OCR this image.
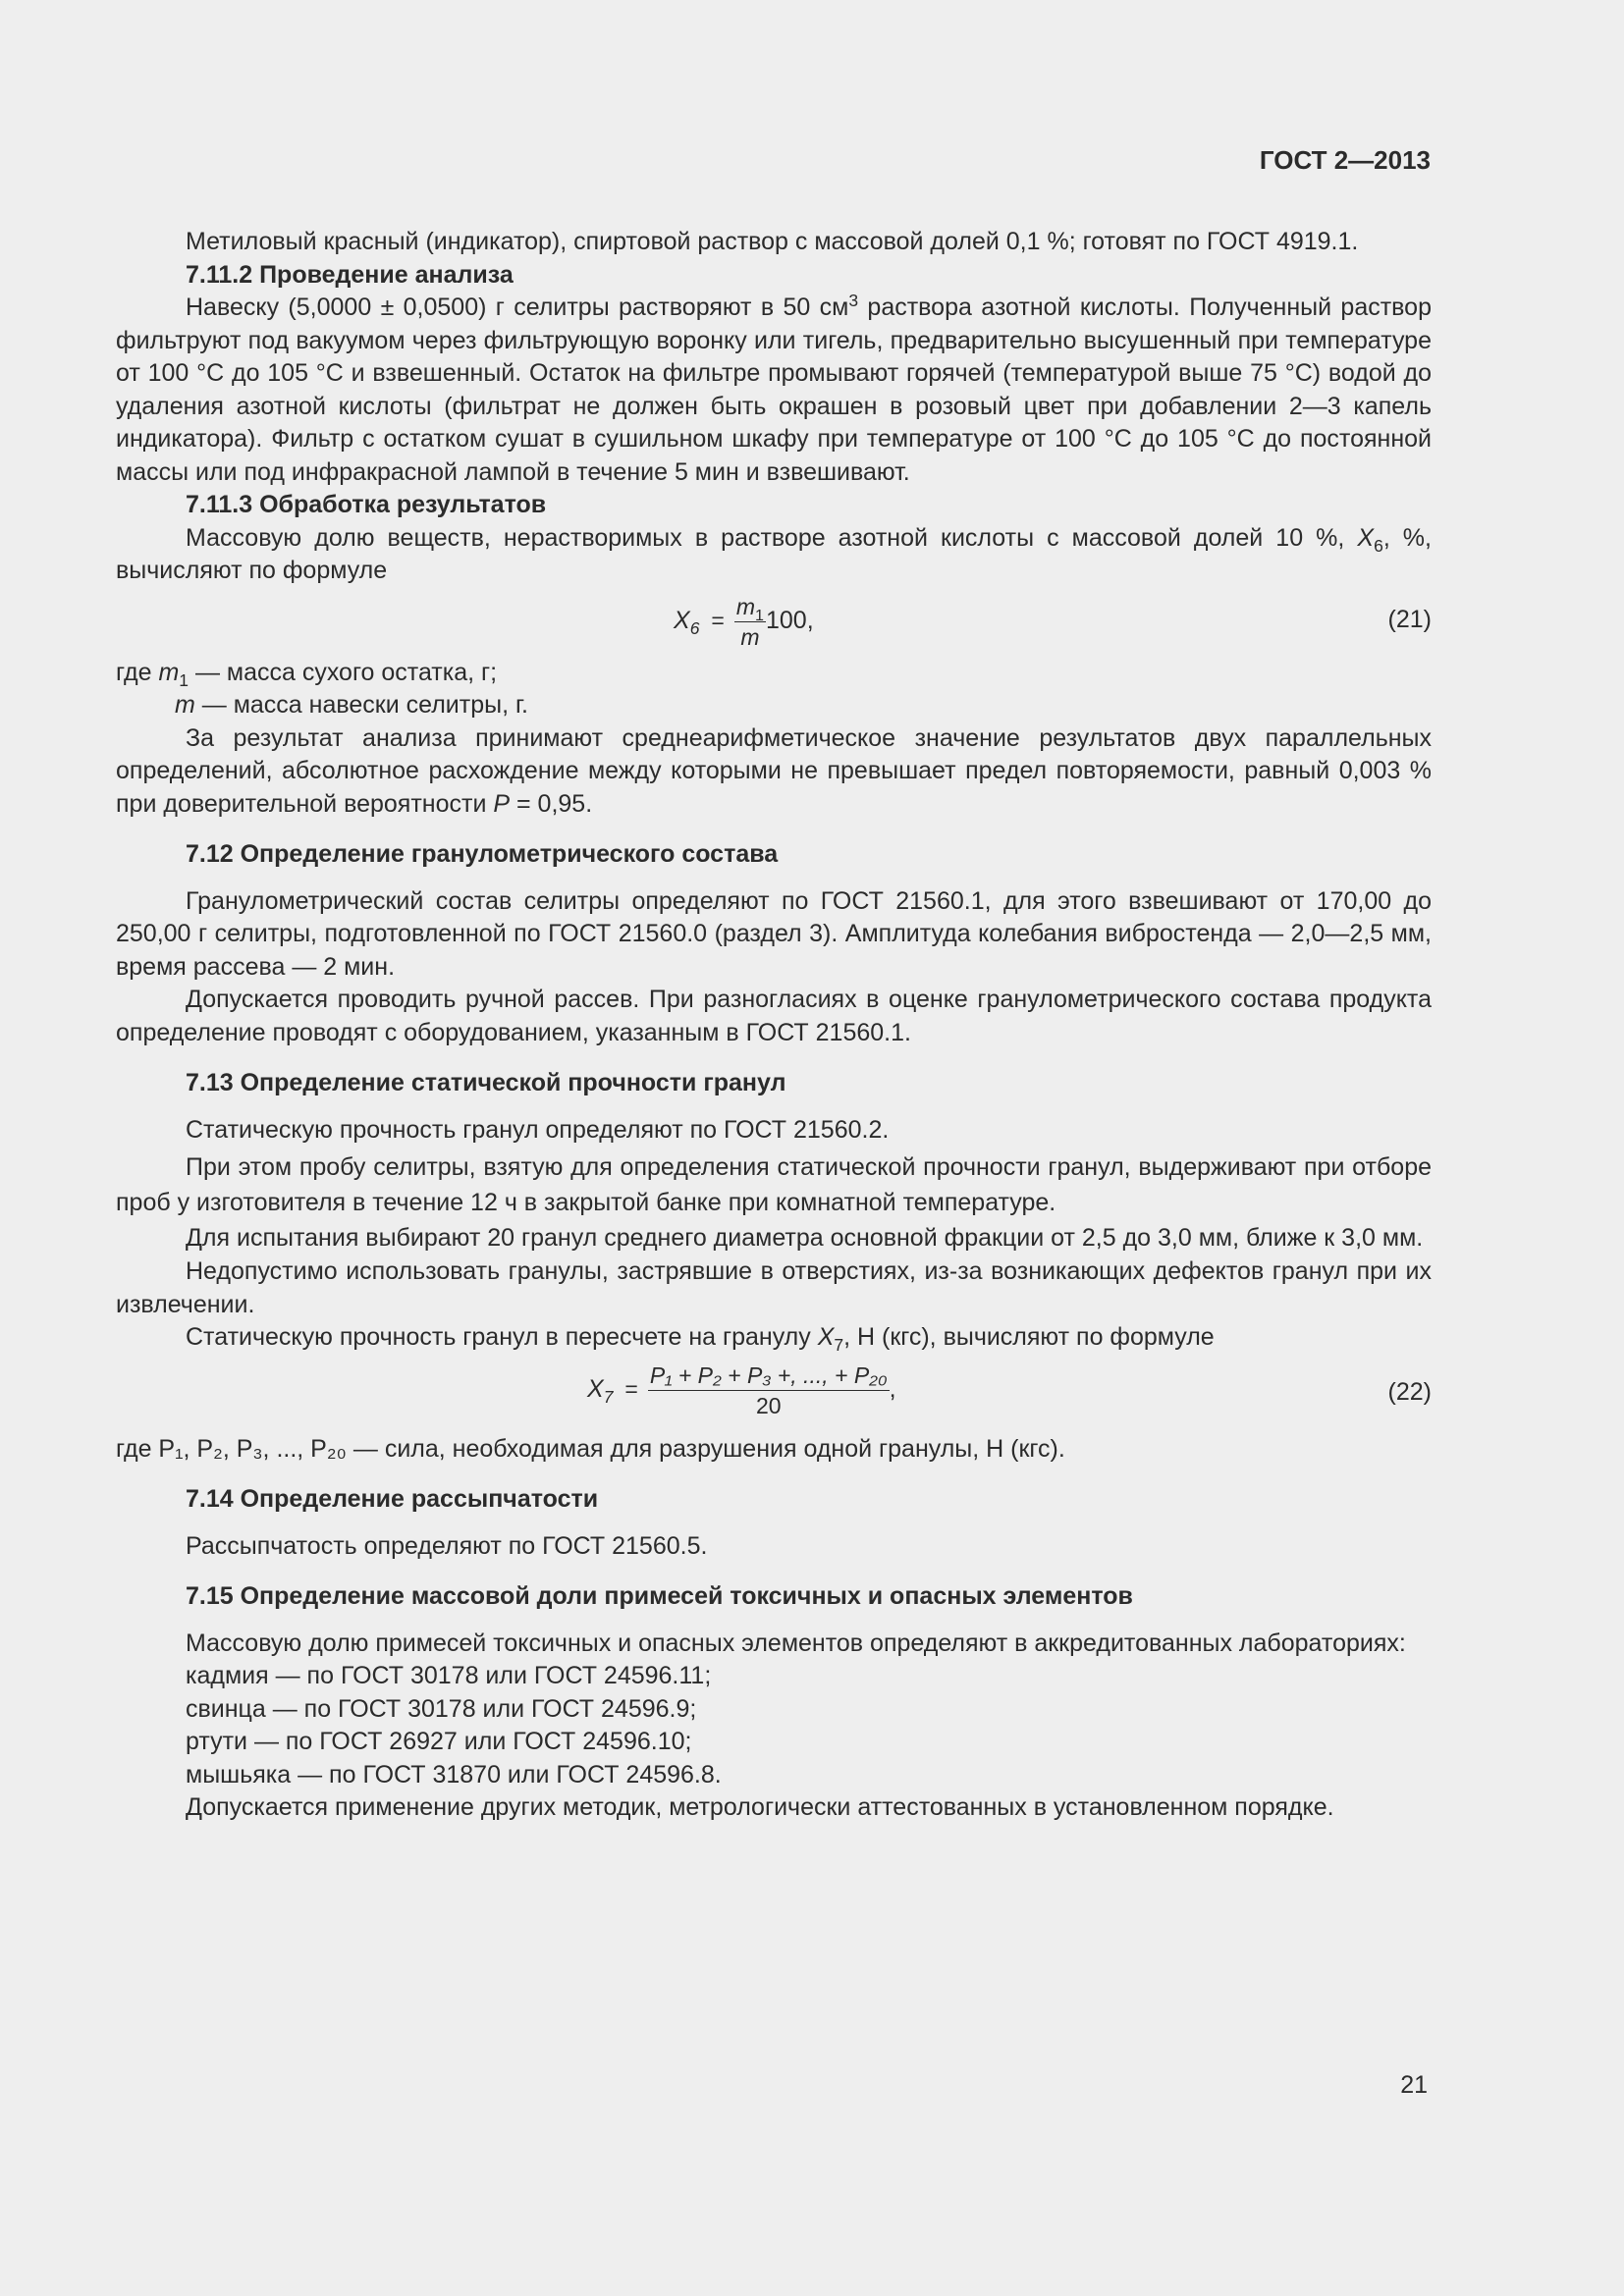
ГОСТ 2—2013

Метиловый красный (индикатор), спиртовой раствор с массовой долей 0,1 %; готовят по ГОСТ 4919.1.

7.11.2 Проведение анализа

Навеску (5,0000 ± 0,0500) г селитры растворяют в 50 $см^3$ раствора азотной кислоты. Полученный раствор фильтруют под вакуумом через фильтрующую воронку или тигель, предварительно высушенный при температуре от 100 °С до 105 °С и взвешенный. Остаток на фильтре промывают горячей (температурой выше 75 °С) водой до удаления азотной кислоты (фильтрат не должен быть окрашен в розовый цвет при добавлении 2—3 капель индикатора). Фильтр с остатком сушат в сушильном шкафу при температуре от 100 °С до 105 °С до постоянной массы или под инфракрасной лампой в течение 5 мин и взвешивают.

7.11.3 Обработка результатов

Массовую долю веществ, нерастворимых в растворе азотной кислоты с массовой долей 10 %, $X_6$, %, вычисляют по формуле

$X_6 = \frac{m_1}{m} 100$,	(21)

где $m_1$ — масса сухого остатка, г;

m — масса навески селитры, г.

За результат анализа принимают среднеарифметическое значение результатов двух параллельных определений, абсолютное расхождение между которыми не превышает предел повторяемости, равный 0,003 % при доверительной вероятности P = 0,95.

7.12 Определение гранулометрического состава

Гранулометрический состав селитры определяют по ГОСТ 21560.1, для этого взвешивают от 170,00 до 250,00 г селитры, подготовленной по ГОСТ 21560.0 (раздел 3). Амплитуда колебания вибростенда — 2,0—2,5 мм, время рассева — 2 мин.

Допускается проводить ручной рассев. При разногласиях в оценке гранулометрического состава продукта определение проводят с оборудованием, указанным в ГОСТ 21560.1.

7.13 Определение статической прочности гранул

Статическую прочность гранул определяют по ГОСТ 21560.2.

При этом пробу селитры, взятую для определения статической прочности гранул, выдерживают при отборе проб у изготовителя в течение 12 ч в закрытой банке при комнатной температуре.

Для испытания выбирают 20 гранул среднего диаметра основной фракции от 2,5 до 3,0 мм, ближе к 3,0 мм.

Недопустимо использовать гранулы, застрявшие в отверстиях, из-за возникающих дефектов гранул при их извлечении.

Статическую прочность гранул в пересчете на гранулу $X_7$, Н (кгс), вычисляют по формуле

$X_7 = \frac{\text{P₁ + P₂ + P₃ +, ..., + P₂₀}}{20}$ ,	(22)

где P₁, P₂, P₃, ..., P₂₀ — сила, необходимая для разрушения одной гранулы, Н (кгс).

7.14 Определение рассыпчатости

Рассыпчатость определяют по ГОСТ 21560.5.

7.15 Определение массовой доли примесей токсичных и опасных элементов

Массовую долю примесей токсичных и опасных элементов определяют в аккредитованных лабораториях:

кадмия — по ГОСТ 30178 или ГОСТ 24596.11;

свинца — по ГОСТ 30178 или ГОСТ 24596.9;

ртути — по ГОСТ 26927 или ГОСТ 24596.10;

мышьяка — по ГОСТ 31870 или ГОСТ 24596.8.

Допускается применение других методик, метрологически аттестованных в установленном порядке.

21
